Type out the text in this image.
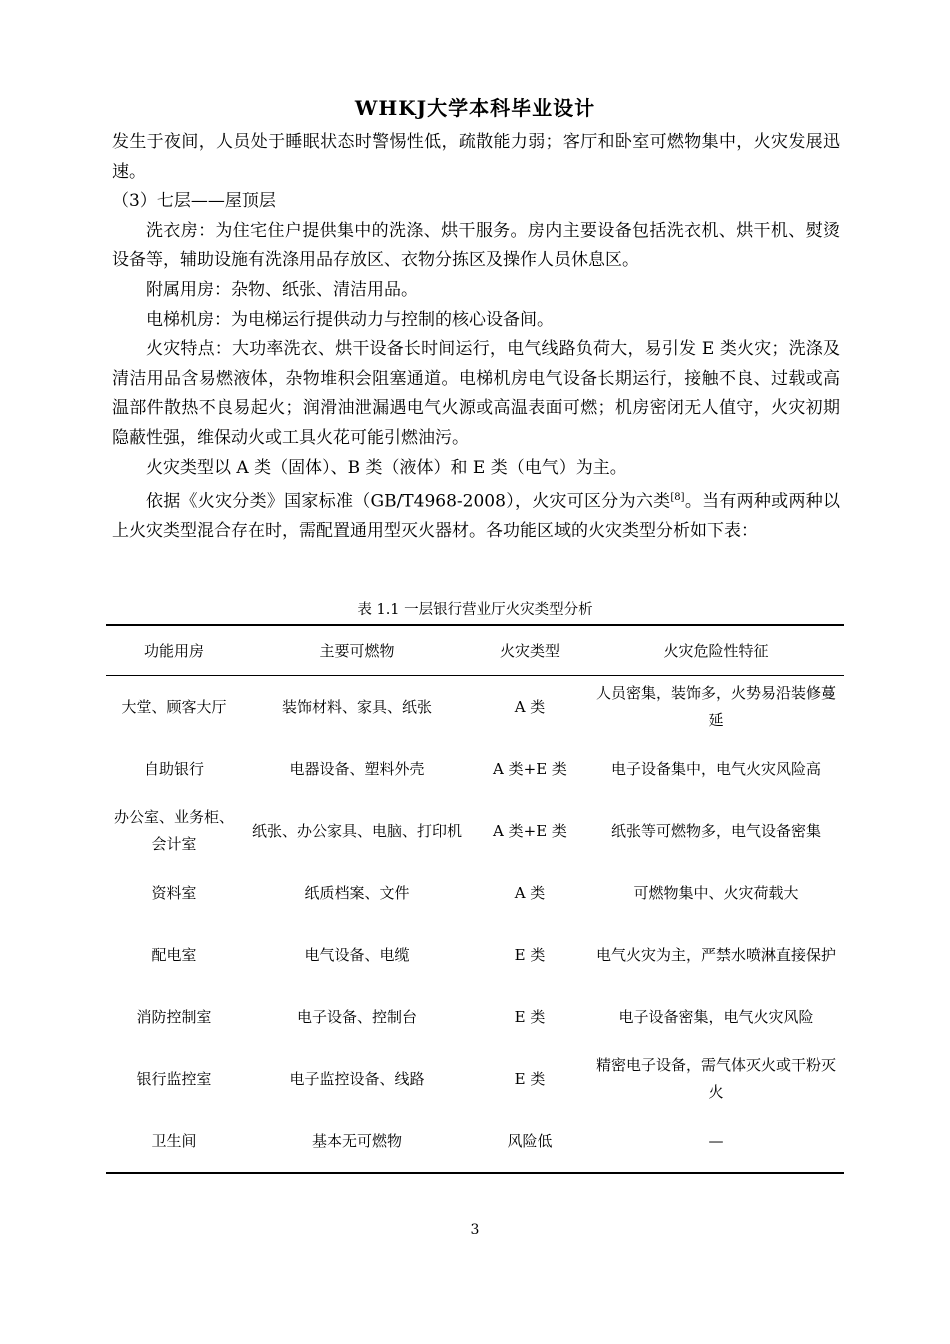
WHKJ大学本科毕业设计

发生于夜间，人员处于睡眠状态时警惕性低，疏散能力弱；客厅和卧室可燃物集中，火灾发展迅速。

（3）七层——屋顶层

洗衣房：为住宅住户提供集中的洗涤、烘干服务。房内主要设备包括洗衣机、烘干机、熨烫设备等，辅助设施有洗涤用品存放区、衣物分拣区及操作人员休息区。

附属用房：杂物、纸张、清洁用品。

电梯机房：为电梯运行提供动力与控制的核心设备间。

火灾特点：大功率洗衣、烘干设备长时间运行，电气线路负荷大，易引发 E 类火灾；洗涤及清洁用品含易燃液体，杂物堆积会阻塞通道。电梯机房电气设备长期运行，接触不良、过载或高温部件散热不良易起火；润滑油泄漏遇电气火源或高温表面可燃；机房密闭无人值守，火灾初期隐蔽性强，维保动火或工具火花可能引燃油污。

火灾类型以 A 类（固体）、B 类（液体）和 E 类（电气）为主。

依据《火灾分类》国家标准（GB/T4968-2008），火灾可区分为六类[8]。当有两种或两种以上火灾类型混合存在时，需配置通用型灭火器材。各功能区域的火灾类型分析如下表：

表 1.1 一层银行营业厅火灾类型分析
功能用房	主要可燃物	火灾类型	火灾危险性特征
大堂、顾客大厅	装饰材料、家具、纸张	A 类	人员密集，装饰多，火势易沿装修蔓延
自助银行	电器设备、塑料外壳	A 类+E 类	电子设备集中，电气火灾风险高
办公室、业务柜、会计室	纸张、办公家具、电脑、打印机	A 类+E 类	纸张等可燃物多，电气设备密集
资料室	纸质档案、文件	A 类	可燃物集中、火灾荷载大
配电室	电气设备、电缆	E 类	电气火灾为主，严禁水喷淋直接保护
消防控制室	电子设备、控制台	E 类	电子设备密集，电气火灾风险
银行监控室	电子监控设备、线路	E 类	精密电子设备，需气体灭火或干粉灭火
卫生间	基本无可燃物	风险低	—
3
